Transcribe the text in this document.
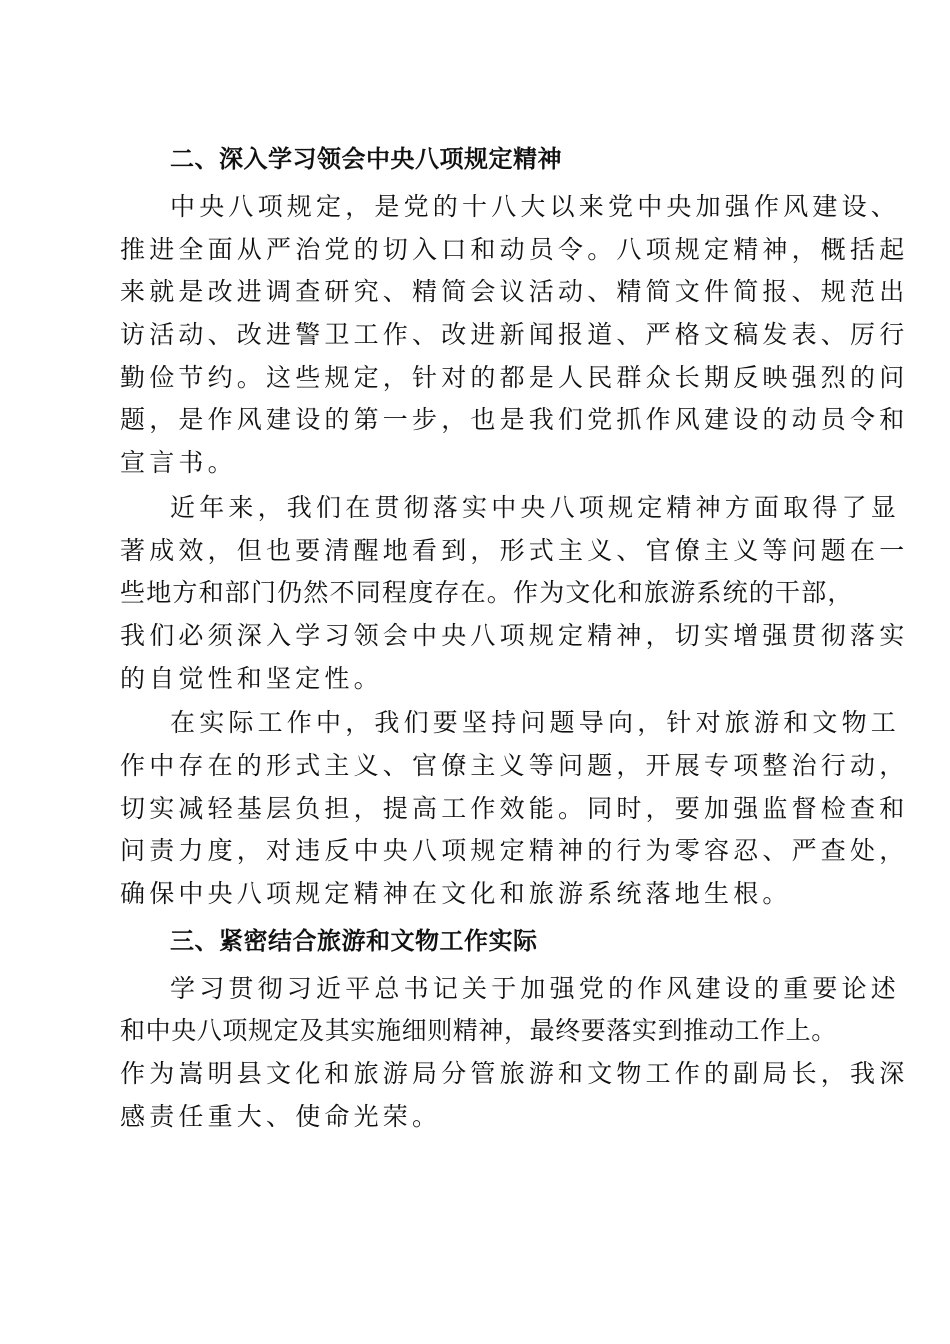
二、深入学习领会中央八项规定精神

中央八项规定，是党的十八大以来党中央加强作风建设、
推进全面从严治党的切入口和动员令。八项规定精神，概括起
来就是改进调查研究、精简会议活动、精简文件简报、规范出
访活动、改进警卫工作、改进新闻报道、严格文稿发表、厉行
勤俭节约。这些规定，针对的都是人民群众长期反映强烈的问
题，是作风建设的第一步，也是我们党抓作风建设的动员令和
宣言书。

近年来，我们在贯彻落实中央八项规定精神方面取得了显
著成效，但也要清醒地看到，形式主义、官僚主义等问题在一
些地方和部门仍然不同程度存在。作为文化和旅游系统的干部，
我们必须深入学习领会中央八项规定精神，切实增强贯彻落实
的自觉性和坚定性。

在实际工作中，我们要坚持问题导向，针对旅游和文物工
作中存在的形式主义、官僚主义等问题，开展专项整治行动，
切实减轻基层负担，提高工作效能。同时，要加强监督检查和
问责力度，对违反中央八项规定精神的行为零容忍、严查处，
确保中央八项规定精神在文化和旅游系统落地生根。

三、紧密结合旅游和文物工作实际

学习贯彻习近平总书记关于加强党的作风建设的重要论述
和中央八项规定及其实施细则精神，最终要落实到推动工作上。
作为嵩明县文化和旅游局分管旅游和文物工作的副局长，我深
感责任重大、使命光荣。
